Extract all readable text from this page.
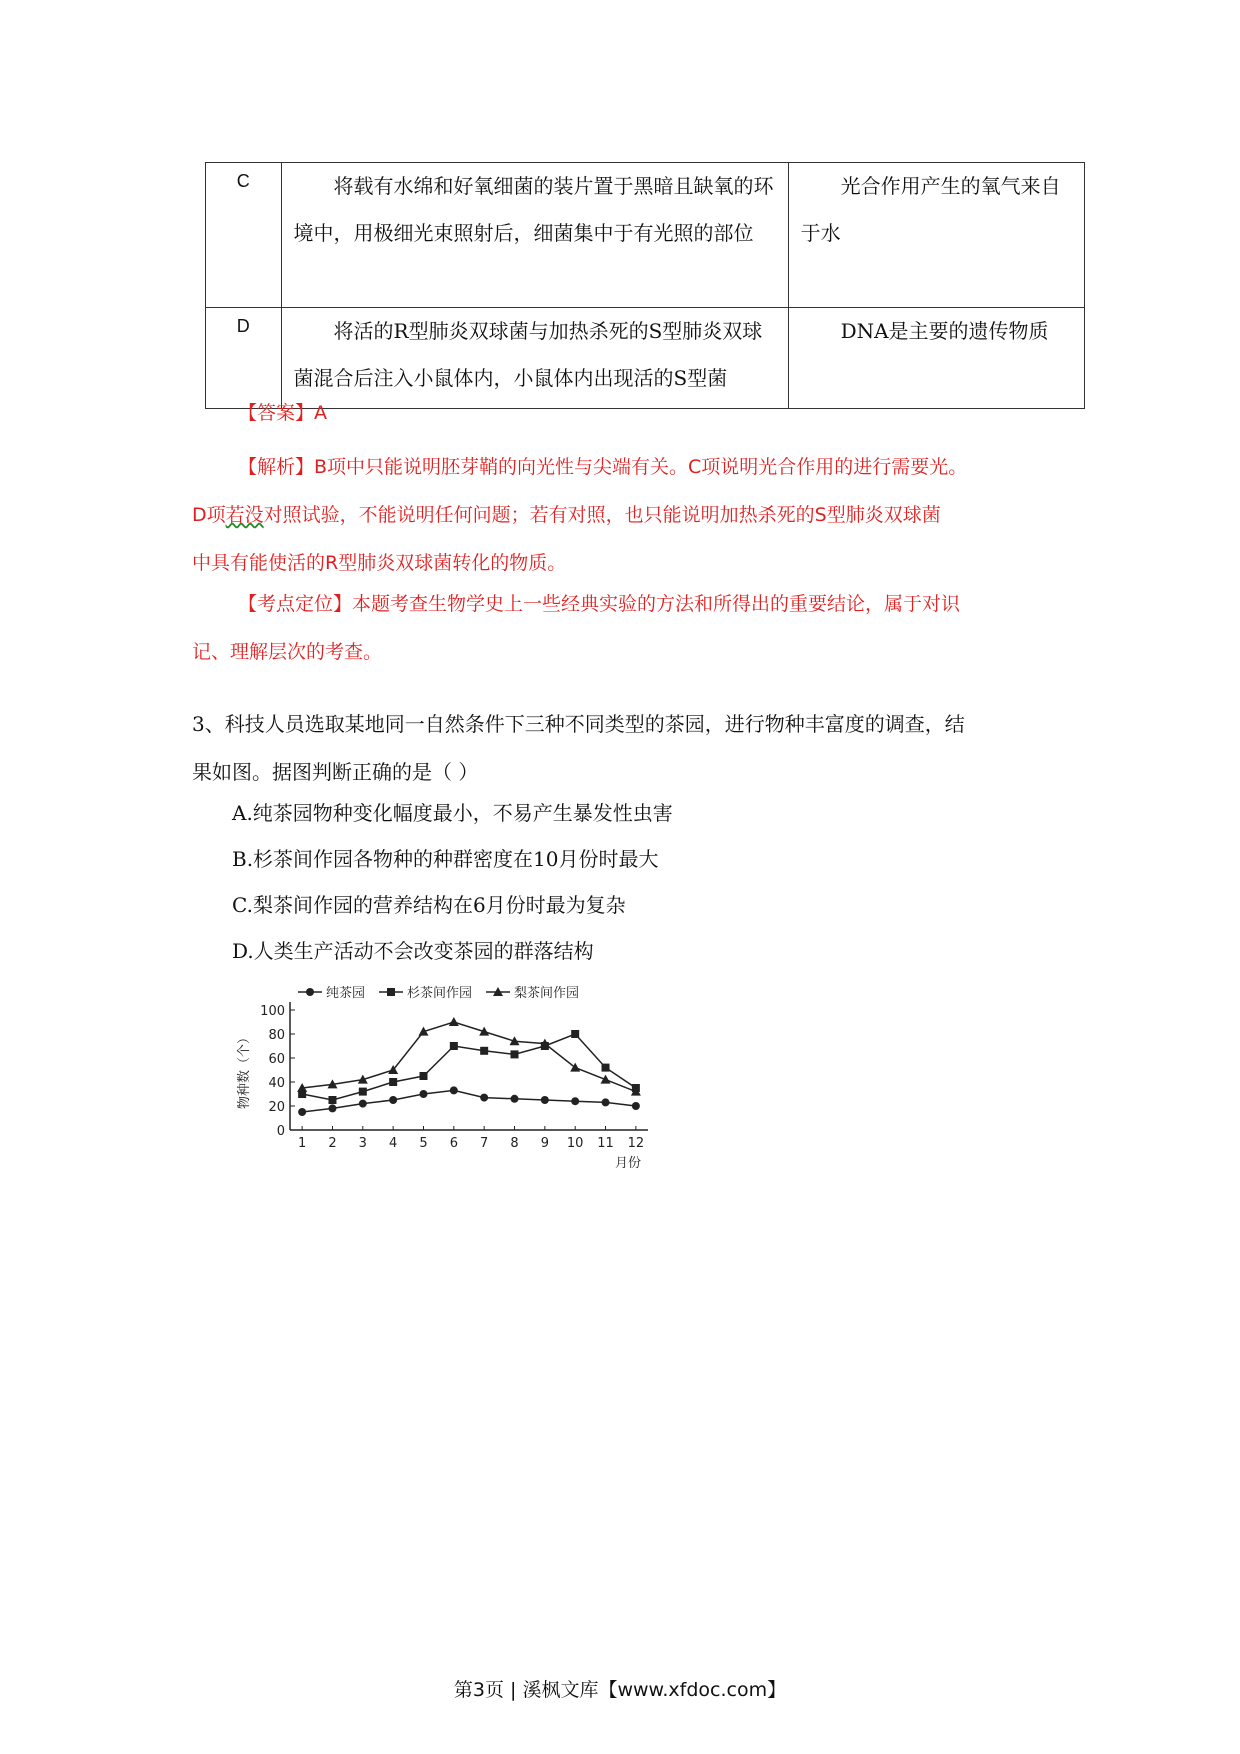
C	将载有水绵和好氧细菌的装片置于黑暗且缺氧的环境中，用极细光束照射后，细菌集中于有光照的部位	光合作用产生的氧气来自于水
D	将活的R型肺炎双球菌与加热杀死的S型肺炎双球菌混合后注入小鼠体内，小鼠体内出现活的S型菌	DNA是主要的遗传物质
【答案】A

【解析】B项中只能说明胚芽鞘的向光性与尖端有关。C项说明光合作用的进行需要光。

D项若没对照试验，不能说明任何问题；若有对照，也只能说明加热杀死的S型肺炎双球菌

中具有能使活的R型肺炎双球菌转化的物质。

【考点定位】本题考查生物学史上一些经典实验的方法和所得出的重要结论，属于对识

记、理解层次的考查。

3、科技人员选取某地同一自然条件下三种不同类型的茶园，进行物种丰富度的调查，结

果如图。据图判断正确的是（ ）

A.纯茶园物种变化幅度最小，不易产生暴发性虫害
B.杉茶间作园各物种的种群密度在10月份时最大
C.梨茶间作园的营养结构在6月份时最为复杂
D.人类生产活动不会改变茶园的群落结构
0
20
40
60
80
100
1 2 3 4 5 6 7 8 9 10 11 12
月份
物种数（个）
纯茶园	杉茶间作园	梨茶间作园
第3页 | 溪枫文库【www.xfdoc.com】
